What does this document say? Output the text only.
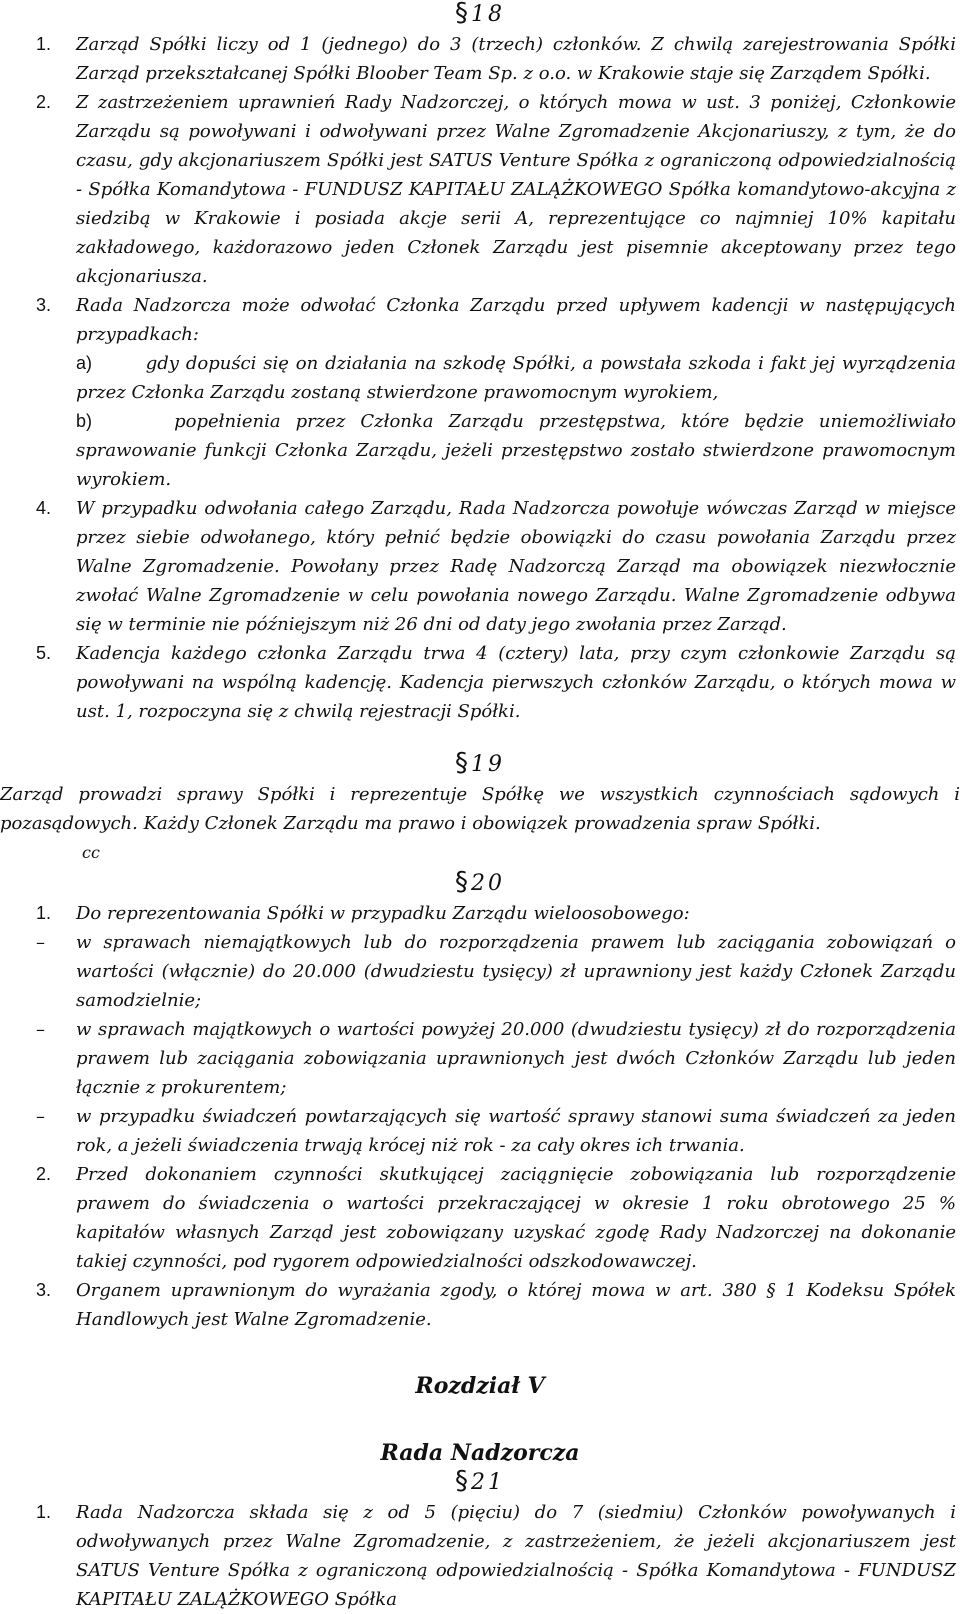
§18
1. Zarząd Spółki liczy od 1 (jednego) do 3 (trzech) członków. Z chwilą zarejestrowania Spółki Zarząd przekształcanej Spółki Bloober Team Sp. z o.o. w Krakowie staje się Zarządem Spółki.
2. Z zastrzeżeniem uprawnień Rady Nadzorczej, o których mowa w ust. 3 poniżej, Członkowie Zarządu są powoływani i odwoływani przez Walne Zgromadzenie Akcjonariuszy, z tym, że do czasu, gdy akcjonariuszem Spółki jest SATUS Venture Spółka z ograniczoną odpowiedzialnością - Spółka Komandytowa - FUNDUSZ KAPITAŁU ZALĄŻKOWEGO Spółka komandytowo-akcyjna z siedzibą w Krakowie i posiada akcje serii A, reprezentujące co najmniej 10% kapitału zakładowego, każdorazowo jeden Członek Zarządu jest pisemnie akceptowany przez tego akcjonariusza.
3. Rada Nadzorcza może odwołać Członka Zarządu przed upływem kadencji w następujących przypadkach:
a)	gdy dopuści się on działania na szkodę Spółki, a powstała szkoda i fakt jej wyrządzenia przez Członka Zarządu zostaną stwierdzone prawomocnym wyrokiem,
b)	popełnienia przez Członka Zarządu przestępstwa, które będzie uniemożliwiało sprawowanie funkcji Członka Zarządu, jeżeli przestępstwo zostało stwierdzone prawomocnym wyrokiem.
4. W przypadku odwołania całego Zarządu, Rada Nadzorcza powołuje wówczas Zarząd w miejsce przez siebie odwołanego, który pełnić będzie obowiązki do czasu powołania Zarządu przez Walne Zgromadzenie. Powołany przez Radę Nadzorczą Zarząd ma obowiązek niezwłocznie zwołać Walne Zgromadzenie w celu powołania nowego Zarządu. Walne Zgromadzenie odbywa się w terminie nie późniejszym niż 26 dni od daty jego zwołania przez Zarząd.
5. Kadencja każdego członka Zarządu trwa 4 (cztery) lata, przy czym członkowie Zarządu są powoływani na wspólną kadencję. Kadencja pierwszych członków Zarządu, o których mowa w ust. 1, rozpoczyna się z chwilą rejestracji Spółki.
§19
Zarząd prowadzi sprawy Spółki i reprezentuje Spółkę we wszystkich czynnościach sądowych i pozasądowych. Każdy Członek Zarządu ma prawo i obowiązek prowadzenia spraw Spółki.
cc
§20
1. Do reprezentowania Spółki w przypadku Zarządu wieloosobowego:
– w sprawach niemajątkowych lub do rozporządzenia prawem lub zaciągania zobowiązań o wartości (włącznie) do 20.000 (dwudziestu tysięcy) zł uprawniony jest każdy Członek Zarządu samodzielnie;
– w sprawach majątkowych o wartości powyżej 20.000 (dwudziestu tysięcy) zł do rozporządzenia prawem lub zaciągania zobowiązania uprawnionych jest dwóch Członków Zarządu lub jeden łącznie z prokurentem;
– w przypadku świadczeń powtarzających się wartość sprawy stanowi suma świadczeń za jeden rok, a jeżeli świadczenia trwają krócej niż rok - za cały okres ich trwania.
2. Przed dokonaniem czynności skutkującej zaciągnięcie zobowiązania lub rozporządzenie prawem do świadczenia o wartości przekraczającej w okresie 1 roku obrotowego 25 % kapitałów własnych Zarząd jest zobowiązany uzyskać zgodę Rady Nadzorczej na dokonanie takiej czynności, pod rygorem odpowiedzialności odszkodowawczej.
3. Organem uprawnionym do wyrażania zgody, o której mowa w art. 380 § 1 Kodeksu Spółek Handlowych jest Walne Zgromadzenie.
Rozdział V
Rada Nadzorcza
§21
1. Rada Nadzorcza składa się z od 5 (pięciu) do 7 (siedmiu) Członków powoływanych i odwoływanych przez Walne Zgromadzenie, z zastrzeżeniem, że jeżeli akcjonariuszem jest SATUS Venture Spółka z ograniczoną odpowiedzialnością - Spółka Komandytowa - FUNDUSZ KAPITAŁU ZALĄŻKOWEGO Spółka
